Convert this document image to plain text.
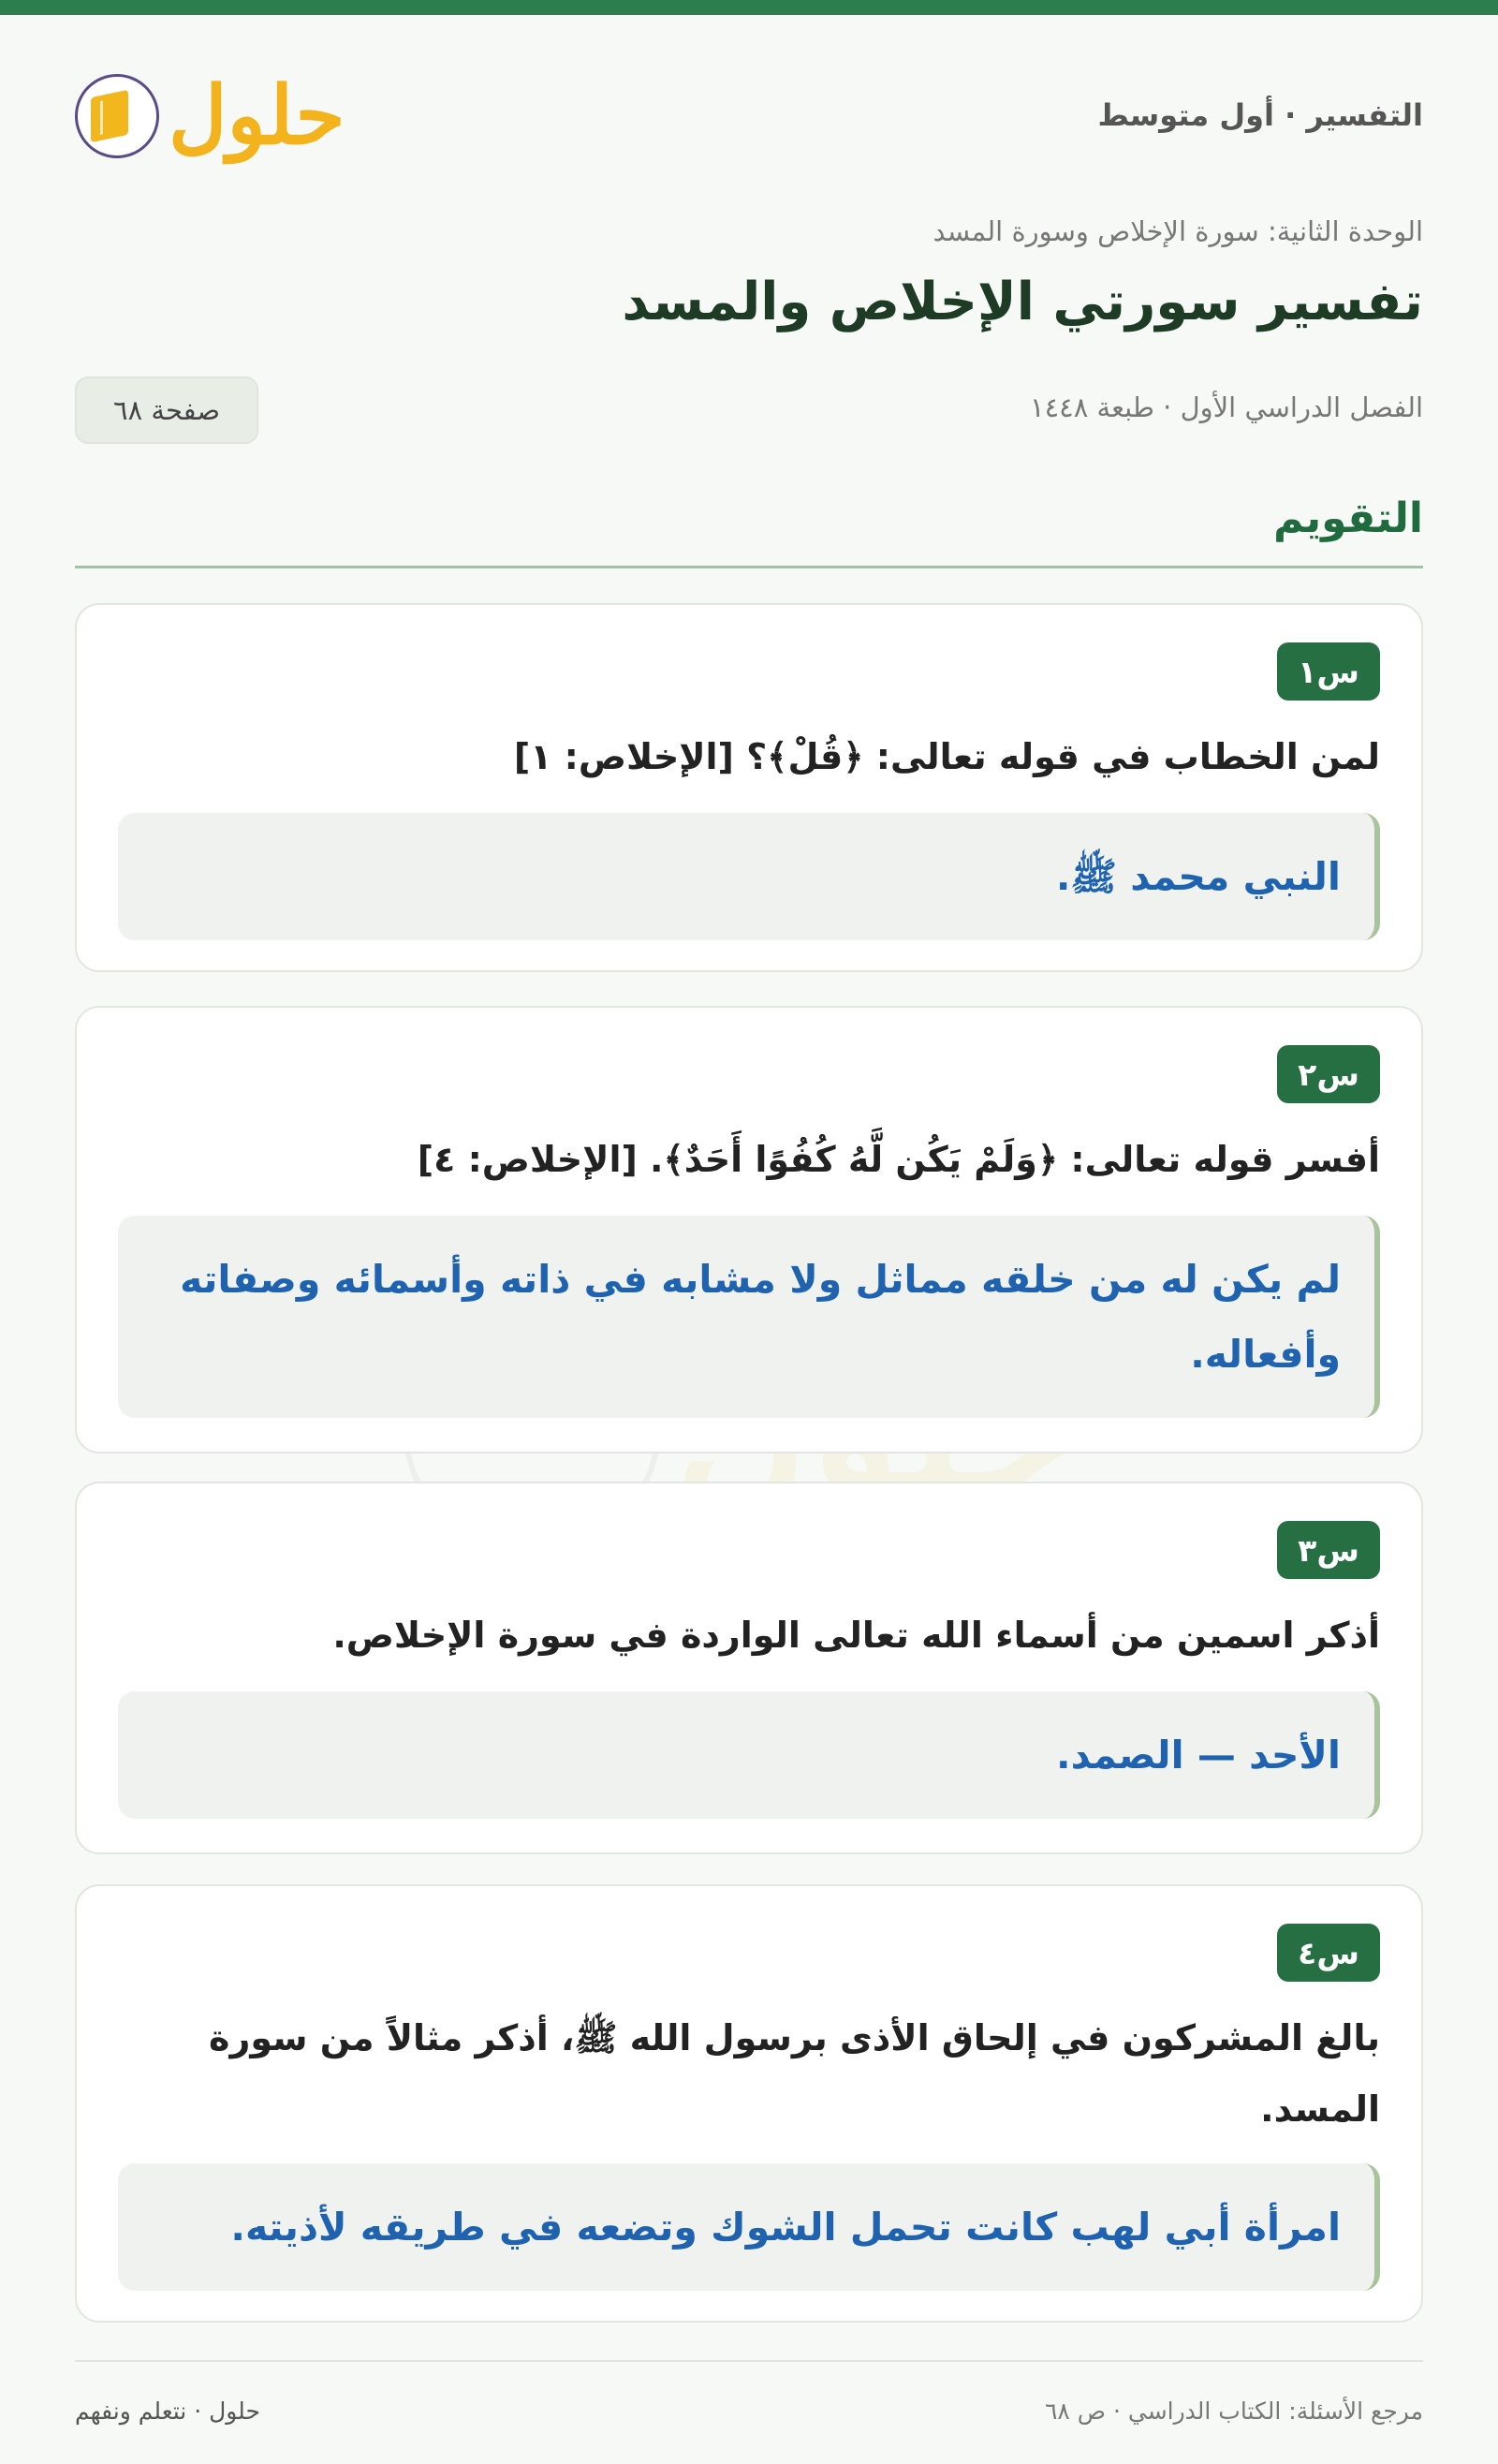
التفسير · أول متوسط
حلول
الوحدة الثانية: سورة الإخلاص وسورة المسد
تفسير سورتي الإخلاص والمسد
الفصل الدراسي الأول · طبعة ١٤٤٨
صفحة ٦٨
التقويم
س١
لمن الخطاب في قوله تعالى: ﴿قُلْ﴾؟ [الإخلاص: ١]
النبي محمد ﷺ.
س٢
أفسر قوله تعالى: ﴿وَلَمْ يَكُن لَّهُ كُفُوًا أَحَدٌ﴾. [الإخلاص: ٤]
لم يكن له من خلقه مماثل ولا مشابه في ذاته وأسمائه وصفاته وأفعاله.
س٣
أذكر اسمين من أسماء الله تعالى الواردة في سورة الإخلاص.
الأحد — الصمد.
س٤
بالغ المشركون في إلحاق الأذى برسول الله ﷺ، أذكر مثالاً من سورة المسد.
امرأة أبي لهب كانت تحمل الشوك وتضعه في طريقه لأذيته.
مرجع الأسئلة: الكتاب الدراسي · ص ٦٨
حلول · نتعلم ونفهم
